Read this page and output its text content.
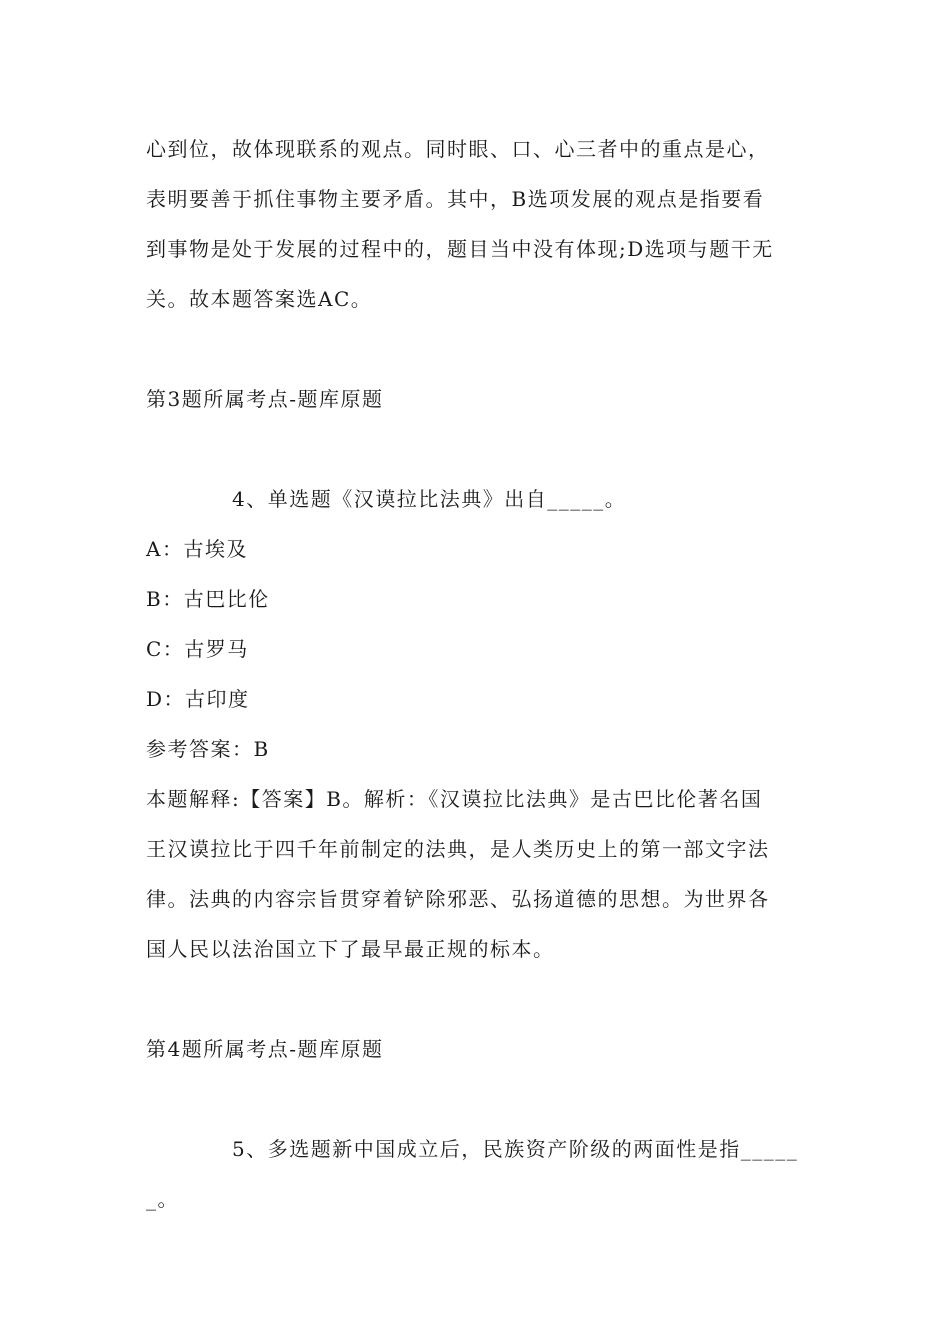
心到位，故体现联系的观点。同时眼、口、心三者中的重点是心，
表明要善于抓住事物主要矛盾。其中，B选项发展的观点是指要看
到事物是处于发展的过程中的，题目当中没有体现;D选项与题干无
关。故本题答案选AC。
第3题所属考点-题库原题
4、单选题《汉谟拉比法典》出自_____。
A：古埃及
B：古巴比伦
C：古罗马
D：古印度
参考答案：B
本题解释:【答案】B。解析：《汉谟拉比法典》是古巴比伦著名国
王汉谟拉比于四千年前制定的法典，是人类历史上的第一部文字法
律。法典的内容宗旨贯穿着铲除邪恶、弘扬道德的思想。为世界各
国人民以法治国立下了最早最正规的标本。
第4题所属考点-题库原题
5、多选题新中国成立后，民族资产阶级的两面性是指_____
_。
